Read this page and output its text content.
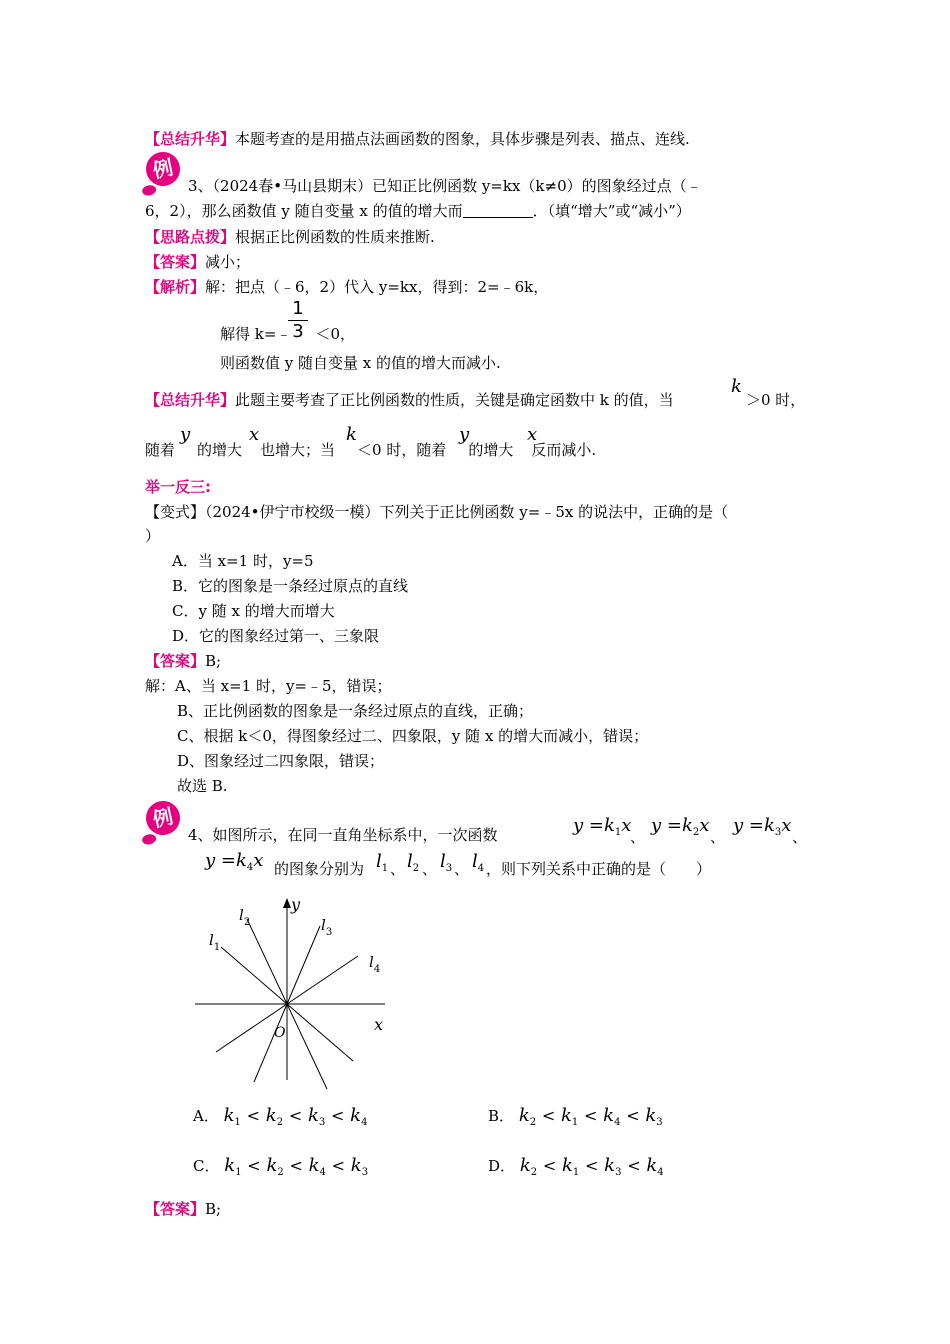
【总结升华】本题考查的是用描点法画函数的图象，具体步骤是列表、描点、连线.
例
3、（2024春•马山县期末）已知正比例函数 y=kx（k≠0）的图象经过点（﹣
6，2），那么函数值 y 随自变量 x 的值的增大而	．（填“增大”或“减小”）
【思路点拨】根据正比例函数的性质来推断.
【答案】减小；
【解析】解：把点（﹣6，2）代入 y=kx，得到：2=﹣6k，
解得 k=﹣ ＜0，
1
3
则函数值 y 随自变量 x 的值的增大而减小.
【总结升华】此题主要考查了正比例函数的性质，关键是确定函数中 k 的值，当
k
＞0 时，
随着 的增大 也增大；当 ＜0 时，随着 的增大 反而减小.
y	x	k	y	x
举一反三:
【变式】（2024•伊宁市校级一模）下列关于正比例函数 y=﹣5x 的说法中，正确的是（
）
A．当 x=1 时，y=5
B．它的图象是一条经过原点的直线
C．y 随 x 的增大而增大
D．它的图象经过第一、三象限
【答案】B;
解：A、当 x=1 时，y=﹣5，错误；
B、正比例函数的图象是一条经过原点的直线，正确；
C、根据 k＜0，得图象经过二、四象限，y 随 x 的增大而减小，错误；
D、图象经过二四象限，错误；
故选 B.
例
4、如图所示，在同一直角坐标系中，一次函数	$y =k_1x$
、
$y =k_2x$
、
$y =k_3x$
、
$y =k_4x$ 的图象分别为 $l_1$ 、 $l_2$ 、 $l_3$ 、 $l_4$ ，则下列关系中正确的是（　　）
y
x
O
$l_1$
$l_2$	$l_3$
$l_4$
A． $k_1 < k_2 < k_3 < k_4$	B． $k_2 < k_1 < k_4 < k_3$
C． $k_1 < k_2 < k_4 < k_3$	D． $k_2 < k_1 < k_3 < k_4$
【答案】B;
